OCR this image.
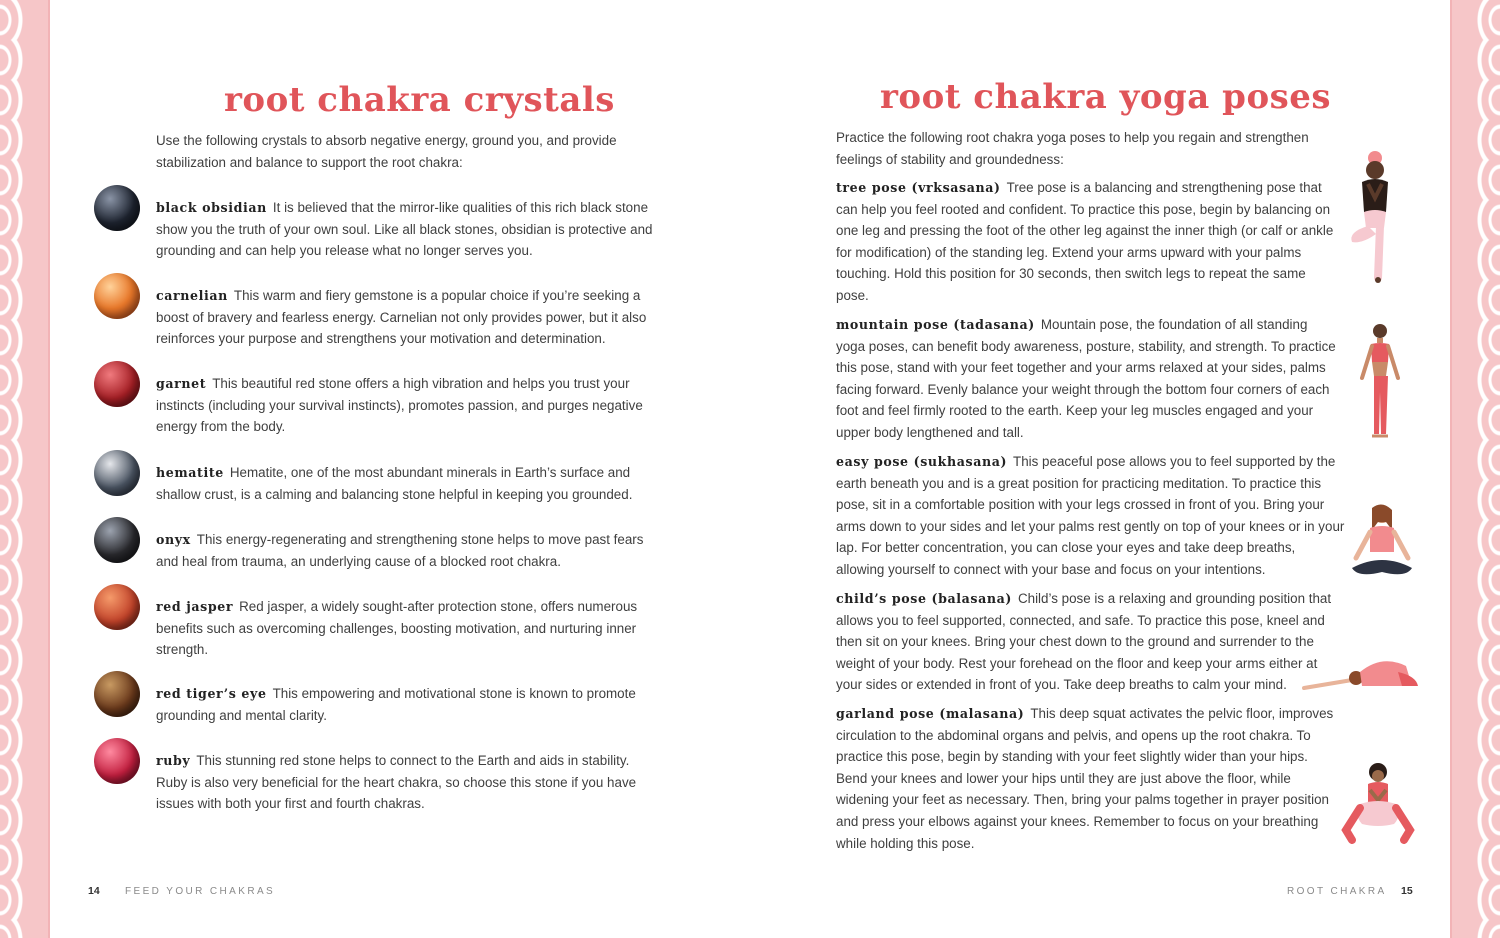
root chakra crystals

Use the following crystals to absorb negative energy, ground you, and provide stabilization and balance to support the root chakra:

black obsidian It is believed that the mirror-like qualities of this rich black stone show you the truth of your own soul. Like all black stones, obsidian is protective and grounding and can help you release what no longer serves you.

carnelian This warm and fiery gemstone is a popular choice if you’re seeking a boost of bravery and fearless energy. Carnelian not only provides power, but it also reinforces your purpose and strengthens your motivation and determination.

garnet This beautiful red stone offers a high vibration and helps you trust your instincts (including your survival instincts), promotes passion, and purges negative energy from the body.

hematite Hematite, one of the most abundant minerals in Earth’s surface and shallow crust, is a calming and balancing stone helpful in keeping you grounded.

onyx This energy-regenerating and strengthening stone helps to move past fears and heal from trauma, an underlying cause of a blocked root chakra.

red jasper Red jasper, a widely sought-after protection stone, offers numerous benefits such as overcoming challenges, boosting motivation, and nurturing inner strength.

red tiger’s eye This empowering and motivational stone is known to promote grounding and mental clarity.

ruby This stunning red stone helps to connect to the Earth and aids in stability. Ruby is also very beneficial for the heart chakra, so choose this stone if you have issues with both your first and fourth chakras.

14	FEED YOUR CHAKRAS
root chakra yoga poses

Practice the following root chakra yoga poses to help you regain and strengthen feelings of stability and groundedness:

tree pose (vrksasana) Tree pose is a balancing and strengthening pose that can help you feel rooted and confident. To practice this pose, begin by balancing on one leg and pressing the foot of the other leg against the inner thigh (or calf or ankle for modification) of the standing leg. Extend your arms upward with your palms touching. Hold this position for 30 seconds, then switch legs to repeat the same pose.

mountain pose (tadasana) Mountain pose, the foundation of all standing yoga poses, can benefit body awareness, posture, stability, and strength. To practice this pose, stand with your feet together and your arms relaxed at your sides, palms facing forward. Evenly balance your weight through the bottom four corners of each foot and feel firmly rooted to the earth. Keep your leg muscles engaged and your upper body lengthened and tall.

easy pose (sukhasana) This peaceful pose allows you to feel supported by the earth beneath you and is a great position for practicing meditation. To practice this pose, sit in a comfortable position with your legs crossed in front of you. Bring your arms down to your sides and let your palms rest gently on top of your knees or in your lap. For better concentration, you can close your eyes and take deep breaths, allowing yourself to connect with your base and focus on your intentions.

child’s pose (balasana) Child’s pose is a relaxing and grounding position that allows you to feel supported, connected, and safe. To practice this pose, kneel and then sit on your knees. Bring your chest down to the ground and surrender to the weight of your body. Rest your forehead on the floor and keep your arms either at your sides or extended in front of you. Take deep breaths to calm your mind.

garland pose (malasana) This deep squat activates the pelvic floor, improves circulation to the abdominal organs and pelvis, and opens up the root chakra. To practice this pose, begin by standing with your feet slightly wider than your hips. Bend your knees and lower your hips until they are just above the floor, while widening your feet as necessary. Then, bring your palms together in prayer position and press your elbows against your knees. Remember to focus on your breathing while holding this pose.

ROOT CHAKRA 15
